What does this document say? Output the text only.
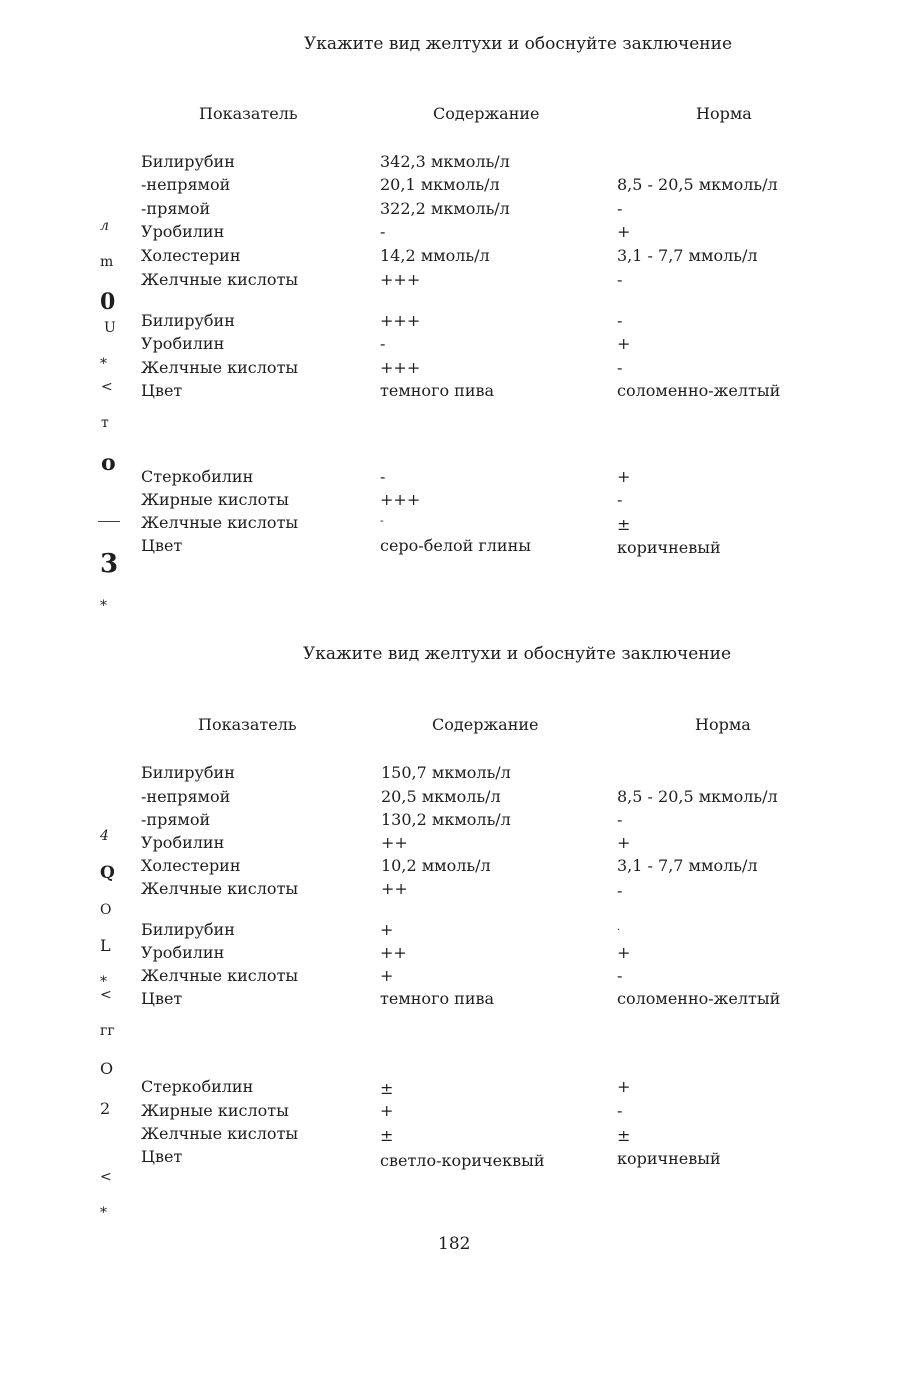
Укажите вид желтухи и обоснуйте заключение
Показатель	Содержание	Норма

л

m

0

U

*

Билирубин	342,3 мкмоль/л
-непрямой	20,1 мкмоль/л	8,5 - 20,5 мкмоль/л
-прямой	322,2 мкмоль/л	-
Уробилин	-	+
Холестерин	14,2 ммоль/л	3,1 - 7,7 ммоль/л
Желчные кислоты	+++	-

<

т

о

Билирубин	+++	-
Уробилин	-	+
Желчные кислоты	+++	-
Цвет	темного пива	соломенно-желтый

3

*

Стеркобилин	-	+
Жирные кислоты	+++	-
Желчные кислоты	-	±
Цвет	серо-белой глины	коричневый
Укажите вид желтухи и обоснуйте заключение
Показатель	Содержание	Норма

4

Q

О

L

*

Билирубин	150,7 мкмоль/л
-непрямой	20,5 мкмоль/л	8,5 - 20,5 мкмоль/л
-прямой	130,2 мкмоль/л	-
Уробилин	++	+
Холестерин	10,2 ммоль/л	3,1 - 7,7 ммоль/л
Желчные кислоты	++	-

<

гг

О

2

Билирубин	+	.
Уробилин	++	+
Желчные кислоты	+	-
Цвет	темного пива	соломенно-желтый

<

*

Стеркобилин	±	+
Жирные кислоты	+	-
Желчные кислоты	±	±
Цвет	светло-коричеквый	коричневый
182
